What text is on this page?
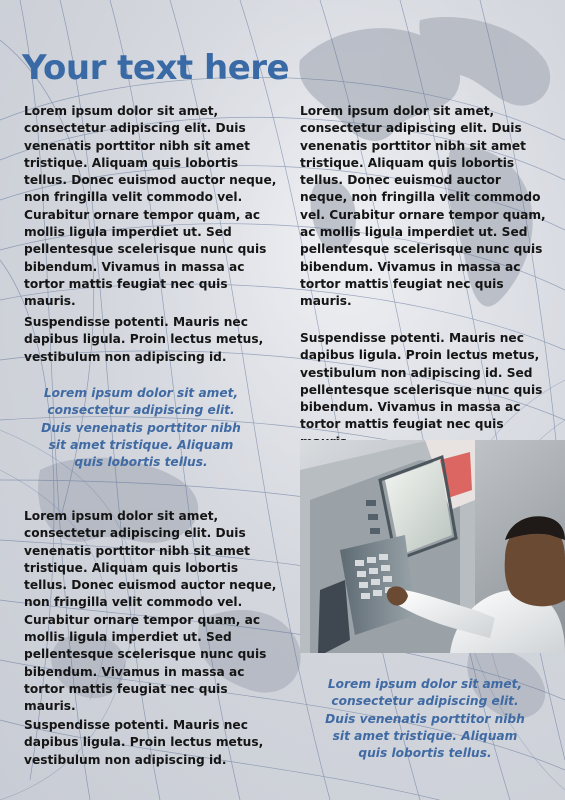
Your text here

Lorem ipsum dolor sit amet, consectetur adipiscing elit. Duis venenatis porttitor nibh sit amet tristique. Aliquam quis lobortis tellus. Donec euismod auctor neque, non fringilla velit commodo vel. Curabitur ornare tempor quam, ac mollis ligula imperdiet ut. Sed pellentesque scelerisque nunc quis bibendum. Vivamus in massa ac tortor mattis feugiat nec quis mauris.

Suspendisse potenti. Mauris nec dapibus ligula. Proin lectus metus, vestibulum non adipiscing id.

Lorem ipsum dolor sit amet, consectetur adipiscing elit. Duis venenatis porttitor nibh sit amet tristique. Aliquam quis lobortis tellus.

Lorem ipsum dolor sit amet, consectetur adipiscing elit. Duis venenatis porttitor nibh sit amet tristique. Aliquam quis lobortis tellus. Donec euismod auctor neque, non fringilla velit commodo vel. Curabitur ornare tempor quam, ac mollis ligula imperdiet ut. Sed pellentesque scelerisque nunc quis bibendum. Vivamus in massa ac tortor mattis feugiat nec quis mauris.

Suspendisse potenti. Mauris nec dapibus ligula. Proin lectus metus, vestibulum non adipiscing id.

Lorem ipsum dolor sit amet, consectetur adipiscing elit. Duis venenatis porttitor nibh sit amet tristique. Aliquam quis lobortis tellus. Donec euismod auctor neque, non fringilla velit commodo vel. Curabitur ornare tempor quam, ac mollis ligula imperdiet ut. Sed pellentesque scelerisque nunc quis bibendum. Vivamus in massa ac tortor mattis feugiat nec quis mauris.

Suspendisse potenti. Mauris nec dapibus ligula. Proin lectus metus, vestibulum non adipiscing id. Sed pellentesque scelerisque nunc quis bibendum. Vivamus in massa ac tortor mattis feugiat nec quis

Lorem ipsum dolor sit amet, consectetur adipiscing elit. Duis venenatis porttitor nibh sit amet tristique. Aliquam quis lobortis tellus.
